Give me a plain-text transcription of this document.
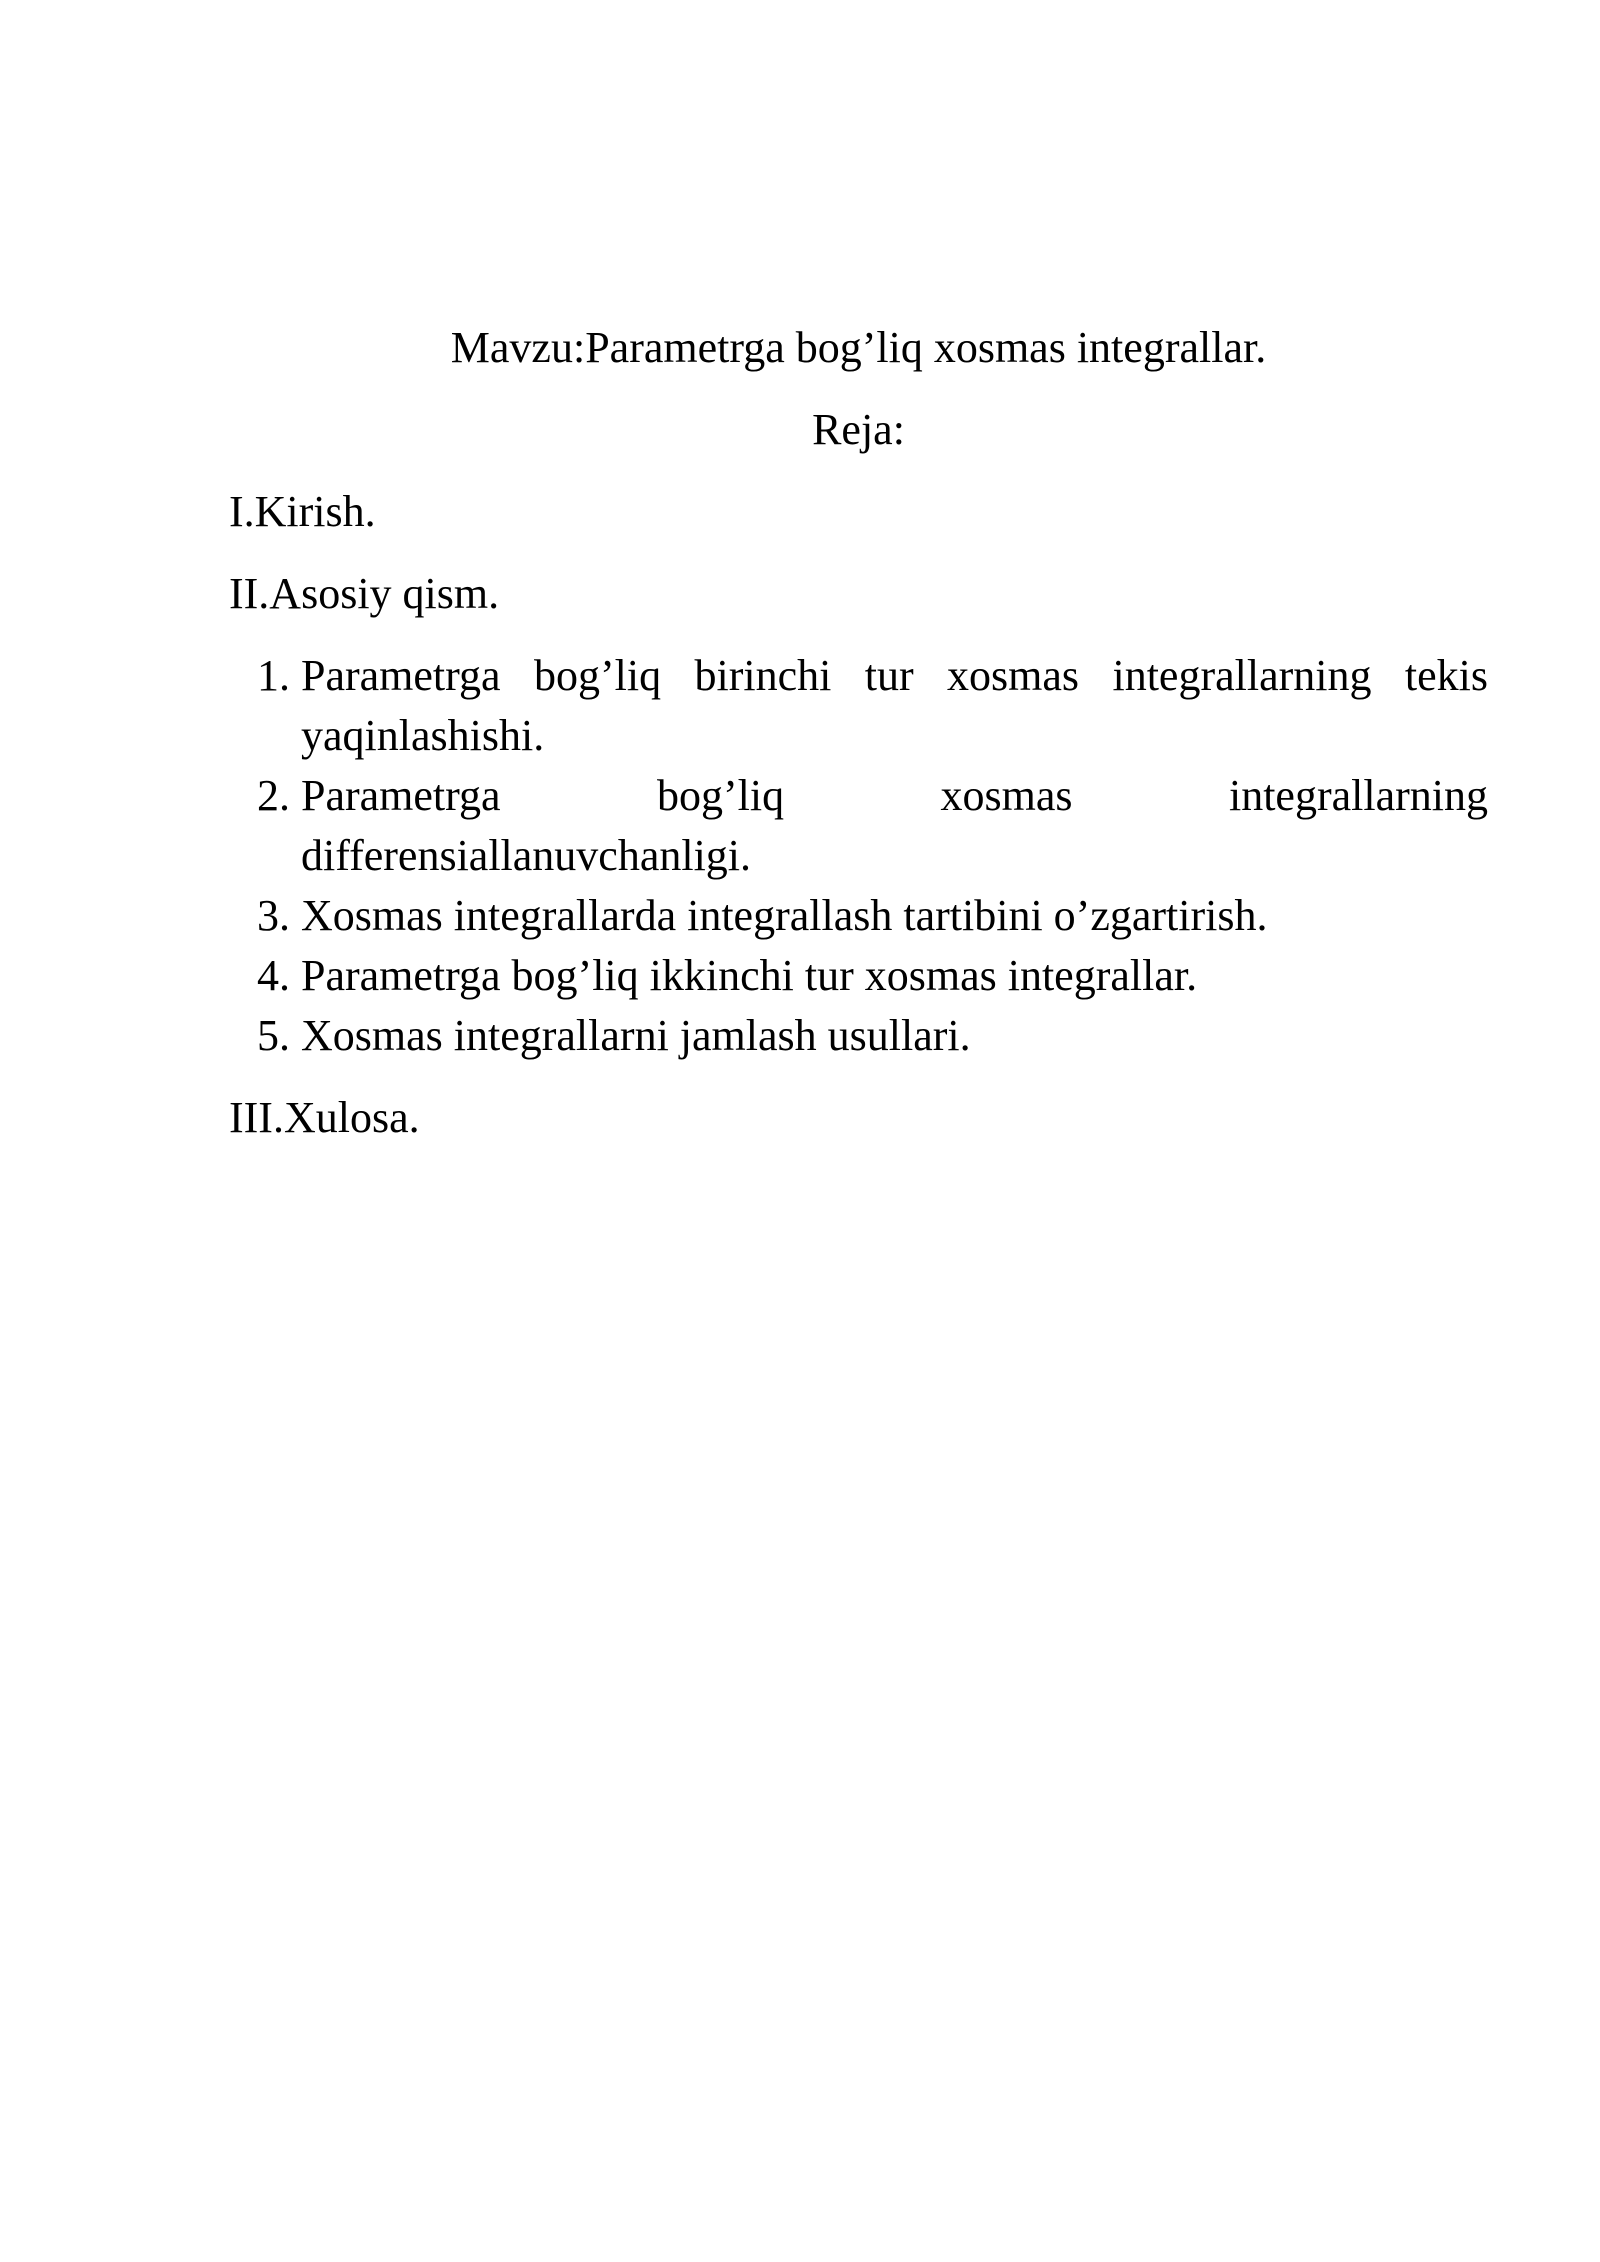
Mavzu:Parametrga bog’liq xosmas integrallar.
Reja:
I.Kirish.
II.Asosiy qism.
1. Parametrga bog’liq birinchi tur xosmas integrallarning tekis yaqinlashishi.
2. Parametrga bog’liq xosmas integrallarning differensiallanuvchanligi.
3. Xosmas integrallarda integrallash tartibini o’zgartirish.
4. Parametrga bog’liq ikkinchi tur xosmas integrallar.
5. Xosmas integrallarni jamlash usullari.
III.Xulosa.
